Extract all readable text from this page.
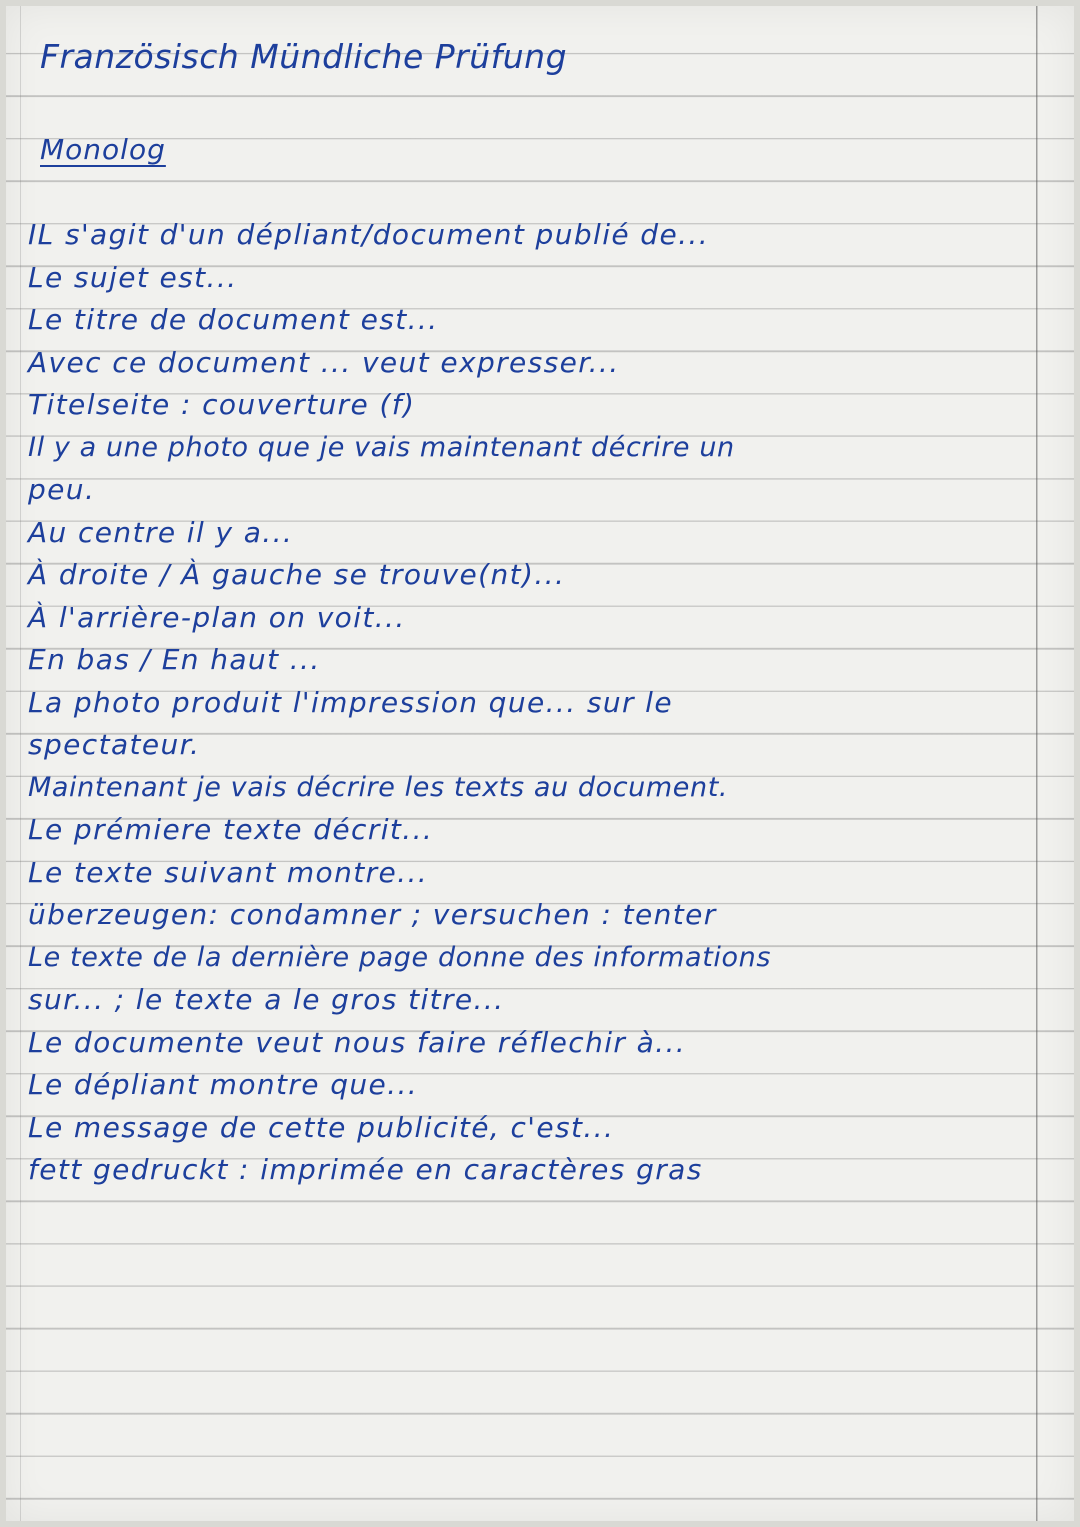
Französisch Mündliche Prüfung
Monolog
IL s'agit d'un dépliant/document publié de...
Le sujet est...
Le titre de document est...
Avec ce document ... veut expresser...
Titelseite : couverture (f)
Il y a une photo que je vais maintenant décrire un
peu.
Au centre il y a...
À droite / À gauche se trouve(nt)...
À l'arrière-plan on voit...
En bas / En haut ...
La photo produit l'impression que... sur le
spectateur.
Maintenant je vais décrire les texts au document.
Le prémiere texte décrit...
Le texte suivant montre...
überzeugen: condamner ; versuchen : tenter
Le texte de la dernière page donne des informations
sur... ; le texte a le gros titre...
Le documente veut nous faire réflechir à...
Le dépliant montre que...
Le message de cette publicité, c'est...
fett gedruckt : imprimée en caractères gras
